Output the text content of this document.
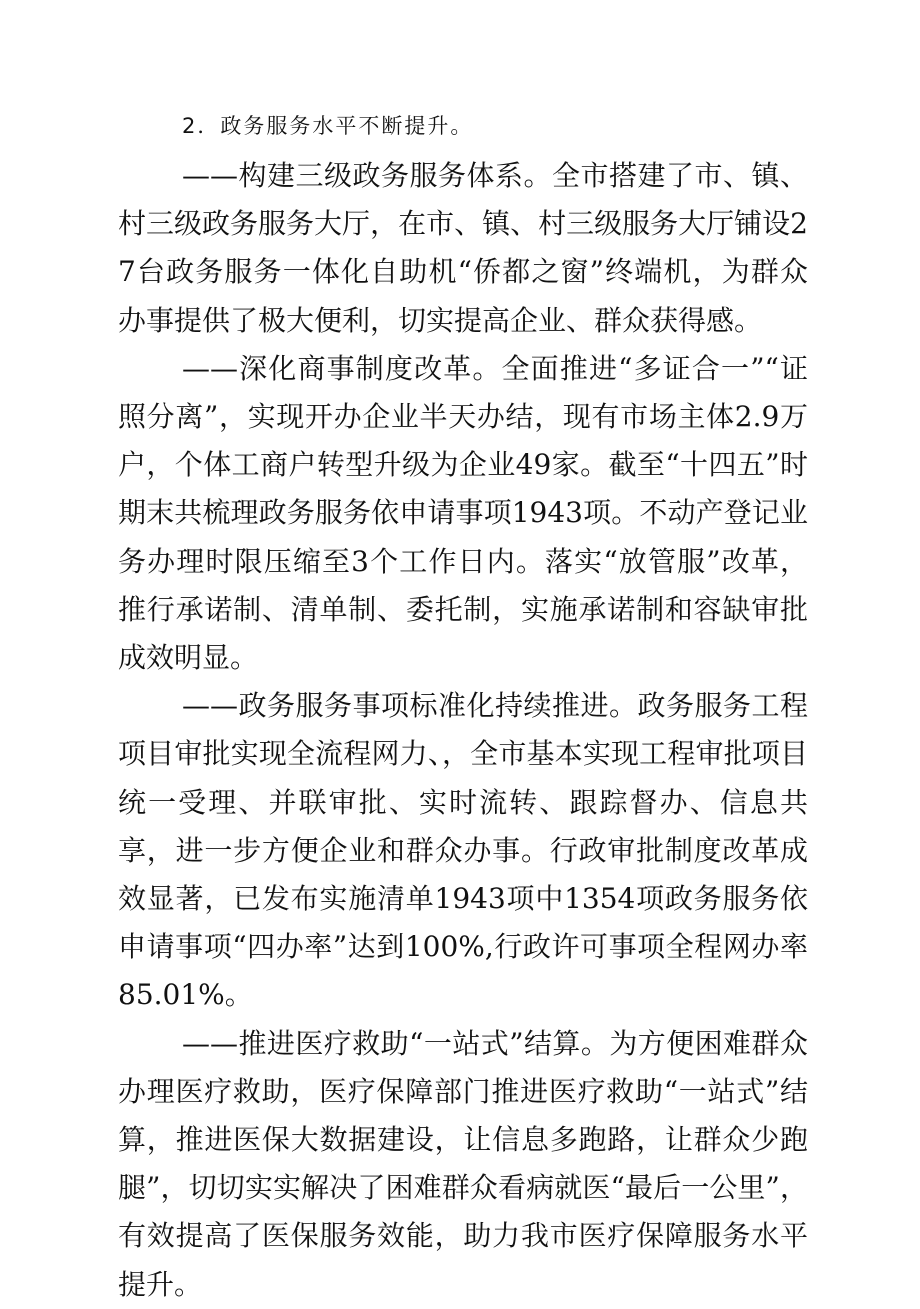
2．政务服务水平不断提升。

——构建三级政务服务体系。全市搭建了市、镇、村三级政务服务大厅，在市、镇、村三级服务大厅铺设27台政务服务一体化自助机“侨都之窗”终端机，为群众办事提供了极大便利，切实提高企业、群众获得感。

——深化商事制度改革。全面推进“多证合一”“证照分离”，实现开办企业半天办结，现有市场主体2.9万户，个体工商户转型升级为企业49家。截至“十四五”时期末共梳理政务服务依申请事项1943项。不动产登记业务办理时限压缩至3个工作日内。落实“放管服”改革，推行承诺制、清单制、委托制，实施承诺制和容缺审批成效明显。

——政务服务事项标准化持续推进。政务服务工程项目审批实现全流程网力、，全市基本实现工程审批项目统一受理、并联审批、实时流转、跟踪督办、信息共享，进一步方便企业和群众办事。行政审批制度改革成效显著，已发布实施清单1943项中1354项政务服务依申请事项“四办率”达到100%,行政许可事项全程网办率85.01%。

——推进医疗救助“一站式”结算。为方便困难群众办理医疗救助，医疗保障部门推进医疗救助“一站式”结算，推进医保大数据建设，让信息多跑路，让群众少跑腿”，切切实实解决了困难群众看病就医“最后一公里”，有效提高了医保服务效能，助力我市医疗保障服务水平提升。
